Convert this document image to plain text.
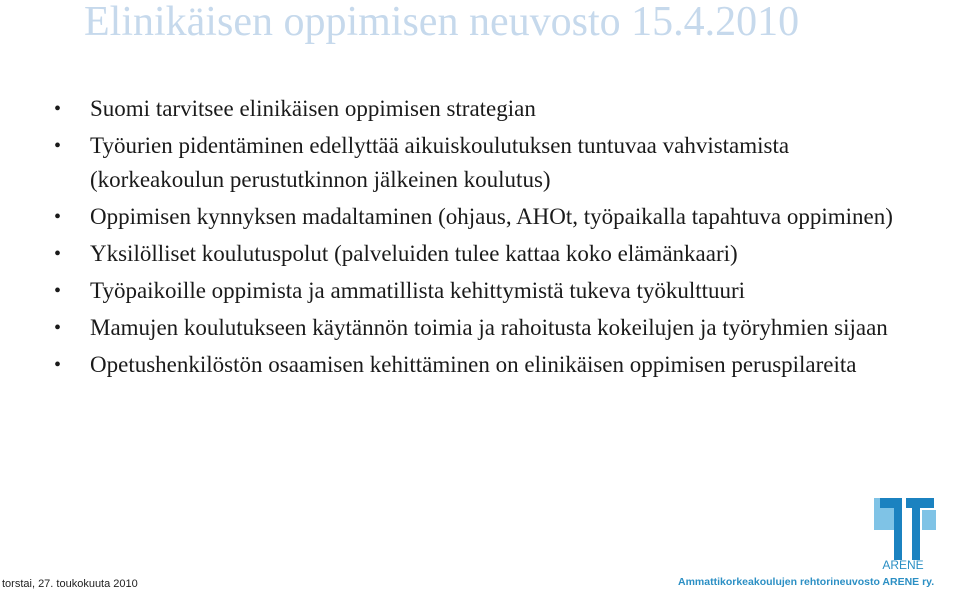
Elinikäisen oppimisen neuvosto 15.4.2010
• Suomi tarvitsee elinikäisen oppimisen strategian
• Työurien pidentäminen edellyttää aikuiskoulutuksen tuntuvaa vahvistamista (korkeakoulun perustutkinnon jälkeinen koulutus)
• Oppimisen kynnyksen madaltaminen (ohjaus, AHOt, työpaikalla tapahtuva oppiminen)
• Yksilölliset koulutuspolut (palveluiden tulee kattaa koko elämänkaari)
• Työpaikoille oppimista ja ammatillista kehittymistä tukeva työkulttuuri
• Mamujen koulutukseen käytännön toimia ja rahoitusta kokeilujen ja työryhmien sijaan
• Opetushenkilöstön osaamisen kehittäminen on elinikäisen oppimisen peruspilareita
torstai, 27. toukokuuta 2010
ARENE
Ammattikorkeakoulujen rehtorineuvosto ARENE ry.
